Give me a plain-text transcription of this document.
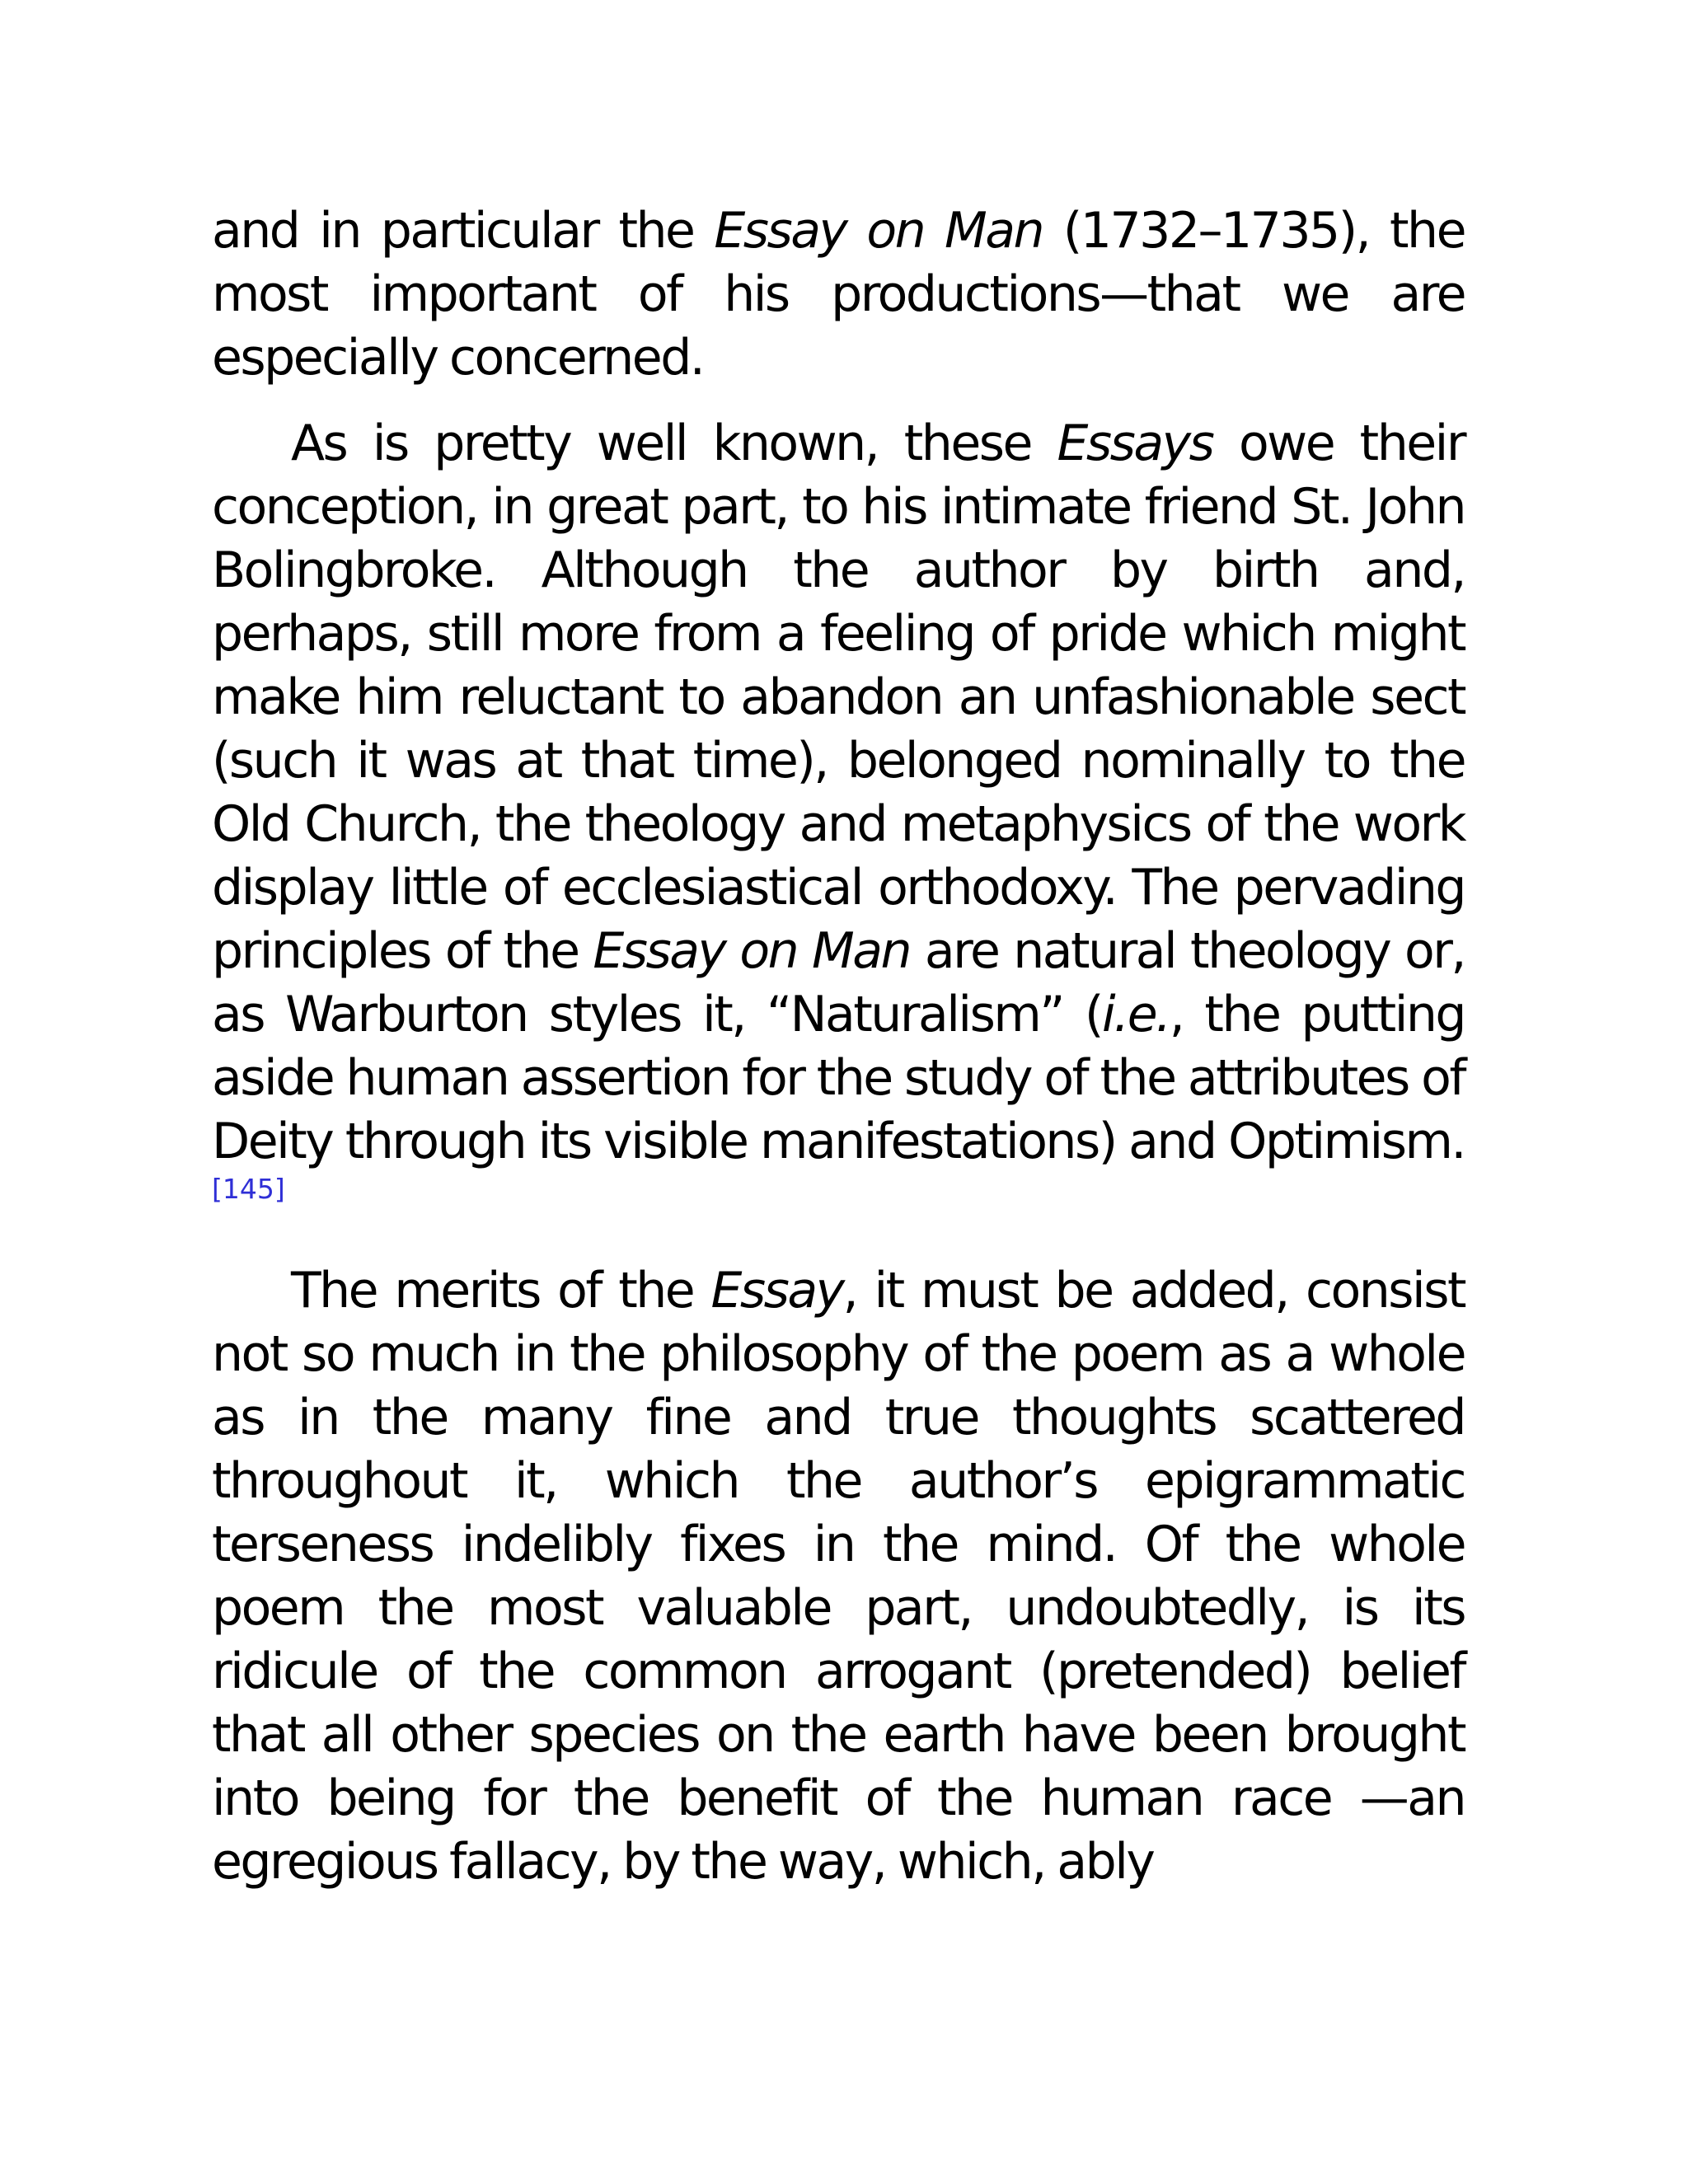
and in particular the Essay on Man (1732–1735), the most important of his productions—that we are especially concerned.

As is pretty well known, these Essays owe their conception, in great part, to his intimate friend St. John Bolingbroke. Although the author by birth and, perhaps, still more from a feeling of pride which might make him reluctant to abandon an unfashionable sect (such it was at that time), belonged nominally to the Old Church, the theology and metaphysics of the work display little of ecclesiastical orthodoxy. The pervading principles of the Essay on Man are natural theology or, as Warburton styles it, “Naturalism” (i.e., the putting aside human assertion for the study of the attributes of Deity through its visible manifestations) and Optimism.[145]

The merits of the Essay, it must be added, consist not so much in the philosophy of the poem as a whole as in the many fine and true thoughts scattered throughout it, which the author’s epigrammatic terseness indelibly fixes in the mind. Of the whole poem the most valuable part, undoubtedly, is its ridicule of the common arrogant (pretended) belief that all other species on the earth have been brought into being for the benefit of the human race —an egregious fallacy, by the way, which, ably
